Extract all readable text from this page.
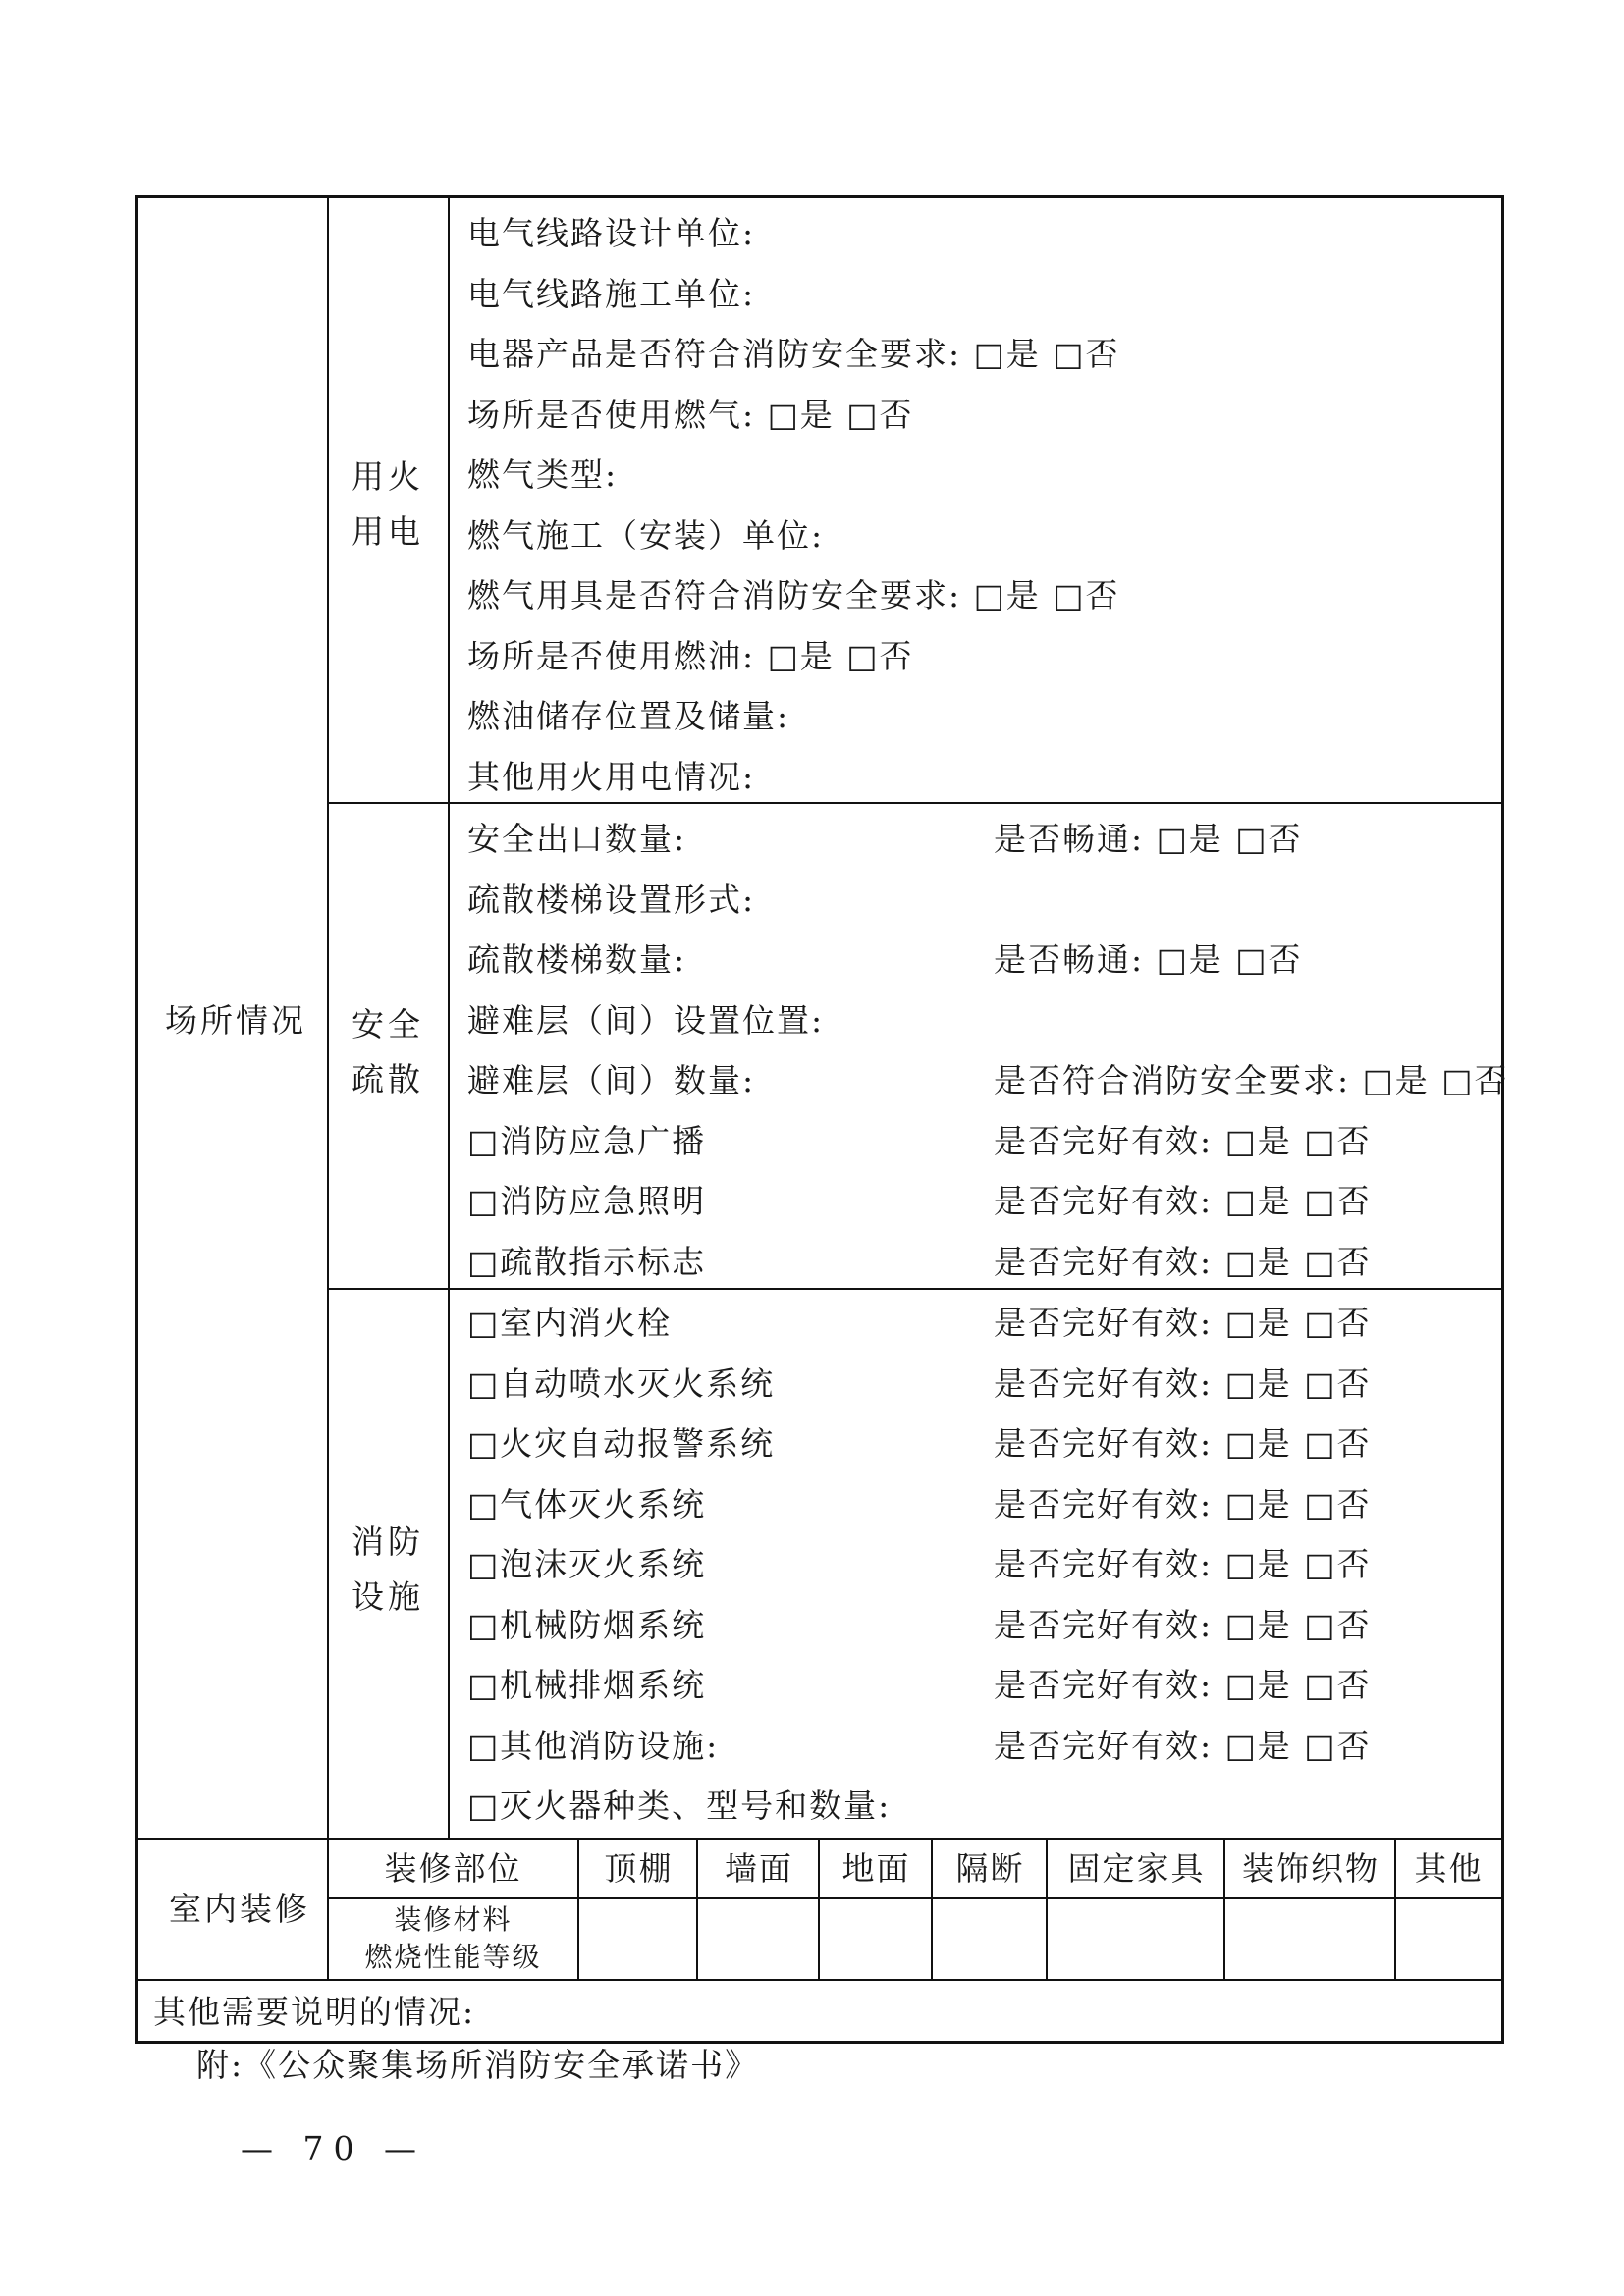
场所情况
用火
用电
电气线路设计单位:
电气线路施工单位:
电器产品是否符合消防安全要求: □是 □否
场所是否使用燃气: □是 □否
燃气类型:
燃气施工（安装）单位:
燃气用具是否符合消防安全要求: □是 □否
场所是否使用燃油: □是 □否
燃油储存位置及储量:
其他用火用电情况:
安全
疏散
安全出口数量:	是否畅通: □是 □否
疏散楼梯设置形式:
疏散楼梯数量:	是否畅通: □是 □否
避难层（间）设置位置:
避难层（间）数量:	是否符合消防安全要求: □是 □否
□消防应急广播	是否完好有效: □是 □否
□消防应急照明	是否完好有效: □是 □否
□疏散指示标志	是否完好有效: □是 □否
消防
设施
□室内消火栓	是否完好有效: □是 □否
□自动喷水灭火系统	是否完好有效: □是 □否
□火灾自动报警系统	是否完好有效: □是 □否
□气体灭火系统	是否完好有效: □是 □否
□泡沫灭火系统	是否完好有效: □是 □否
□机械防烟系统	是否完好有效: □是 □否
□机械排烟系统	是否完好有效: □是 □否
□其他消防设施:	是否完好有效: □是 □否
□灭火器种类、型号和数量:
室内装修
装修部位	顶棚	墙面	地面	隔断	固定家具	装饰织物	其他
装修材料
燃烧性能等级
其他需要说明的情况:
附:《公众聚集场所消防安全承诺书》
— 70 —
